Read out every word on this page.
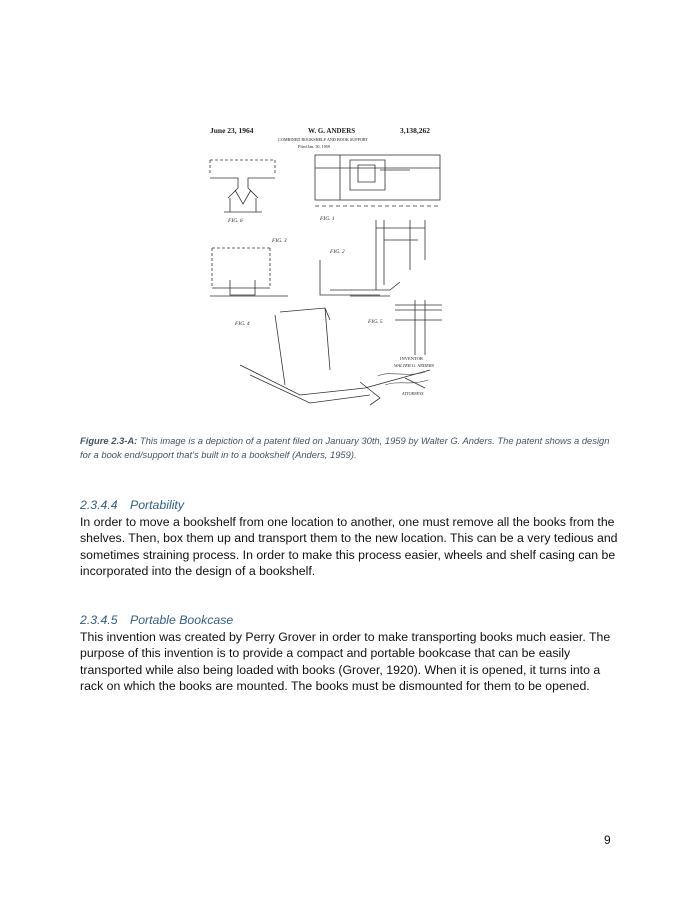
June 23, 1964	W. G. ANDERS	3,138,262
COMBINED BOOKSHELF AND BOOK SUPPORT
Filed Jan. 30, 1959
FIG. 6	FIG. 1
FIG. 3
FIG. 2
FIG. 4	FIG. 5
INVENTOR
WALTER G. ANDERS
ATTORNEYS
Figure 2.3-A: This image is a depiction of a patent filed on January 30th, 1959 by Walter G. Anders. The patent shows a design for a book end/support that’s built in to a bookshelf (Anders, 1959).
2.3.4.4 Portability
In order to move a bookshelf from one location to another, one must remove all the books from the shelves. Then, box them up and transport them to the new location. This can be a very tedious and sometimes straining process. In order to make this process easier, wheels and shelf casing can be incorporated into the design of a bookshelf.
2.3.4.5 Portable Bookcase
This invention was created by Perry Grover in order to make transporting books much easier. The purpose of this invention is to provide a compact and portable bookcase that can be easily transported while also being loaded with books (Grover, 1920). When it is opened, it turns into a rack on which the books are mounted. The books must be dismounted for them to be opened.
9
